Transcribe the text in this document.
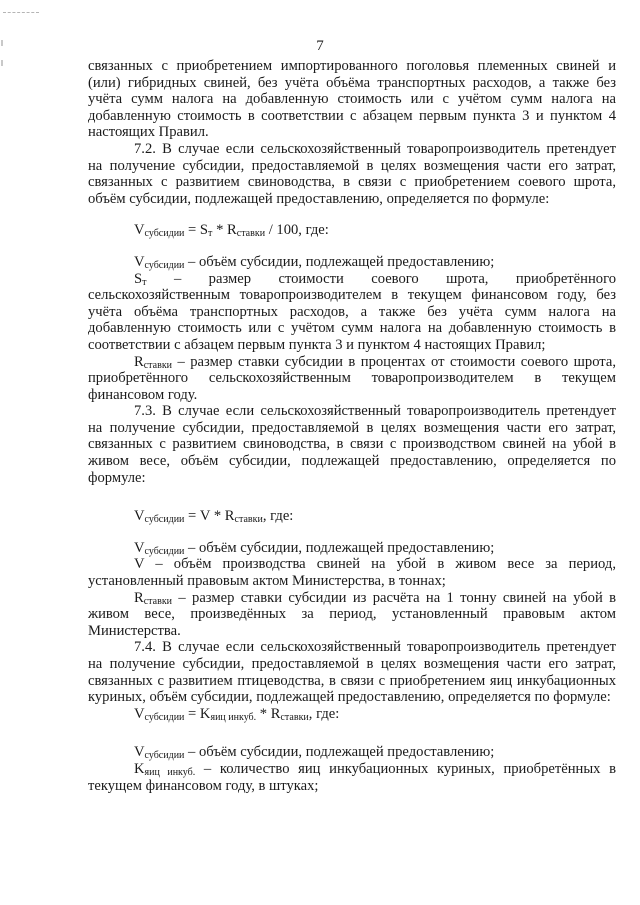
7

связанных с приобретением импортированного поголовья племенных свиней и (или) гибридных свиней, без учёта объёма транспортных расходов, а также без учёта сумм налога на добавленную стоимость или с учётом сумм налога на добавленную стоимость в соответствии с абзацем первым пункта 3 и пунктом 4 настоящих Правил.

7.2. В случае если сельскохозяйственный товаропроизводитель претендует на получение субсидии, предоставляемой в целях возмещения части его затрат, связанных с развитием свиноводства, в связи с приобретением соевого шрота, объём субсидии, подлежащей предоставлению, определяется по формуле:

$V_{субсидии} = S_т * R_{ставки} / 100$, где:

Vсубсидии – объём субсидии, подлежащей предоставлению;

Sт – размер стоимости соевого шрота, приобретённого сельскохозяйственным товаропроизводителем в текущем финансовом году, без учёта объёма транспортных расходов, а также без учёта сумм налога на добавленную стоимость или с учётом сумм налога на добавленную стоимость в соответствии с абзацем первым пункта 3 и пунктом 4 настоящих Правил;

Rставки – размер ставки субсидии в процентах от стоимости соевого шрота, приобретённого сельскохозяйственным товаропроизводителем в текущем финансовом году.

7.3. В случае если сельскохозяйственный товаропроизводитель претендует на получение субсидии, предоставляемой в целях возмещения части его затрат, связанных с развитием свиноводства, в связи с производством свиней на убой в живом весе, объём субсидии, подлежащей предоставлению, определяется по формуле:

$V_{субсидии} = V * R_{ставки}$, где:

Vсубсидии – объём субсидии, подлежащей предоставлению;

V – объём производства свиней на убой в живом весе за период, установленный правовым актом Министерства, в тоннах;

Rставки – размер ставки субсидии из расчёта на 1 тонну свиней на убой в живом весе, произведённых за период, установленный правовым актом Министерства.

7.4. В случае если сельскохозяйственный товаропроизводитель претендует на получение субсидии, предоставляемой в целях возмещения части его затрат, связанных с развитием птицеводства, в связи с приобретением яиц инкубационных куриных, объём субсидии, подлежащей предоставлению, определяется по формуле:

$V_{субсидии} = K_{яиц инкуб.} * R_{ставки}$, где:

Vсубсидии – объём субсидии, подлежащей предоставлению;

Kяиц инкуб. – количество яиц инкубационных куриных, приобретённых в текущем финансовом году, в штуках;
